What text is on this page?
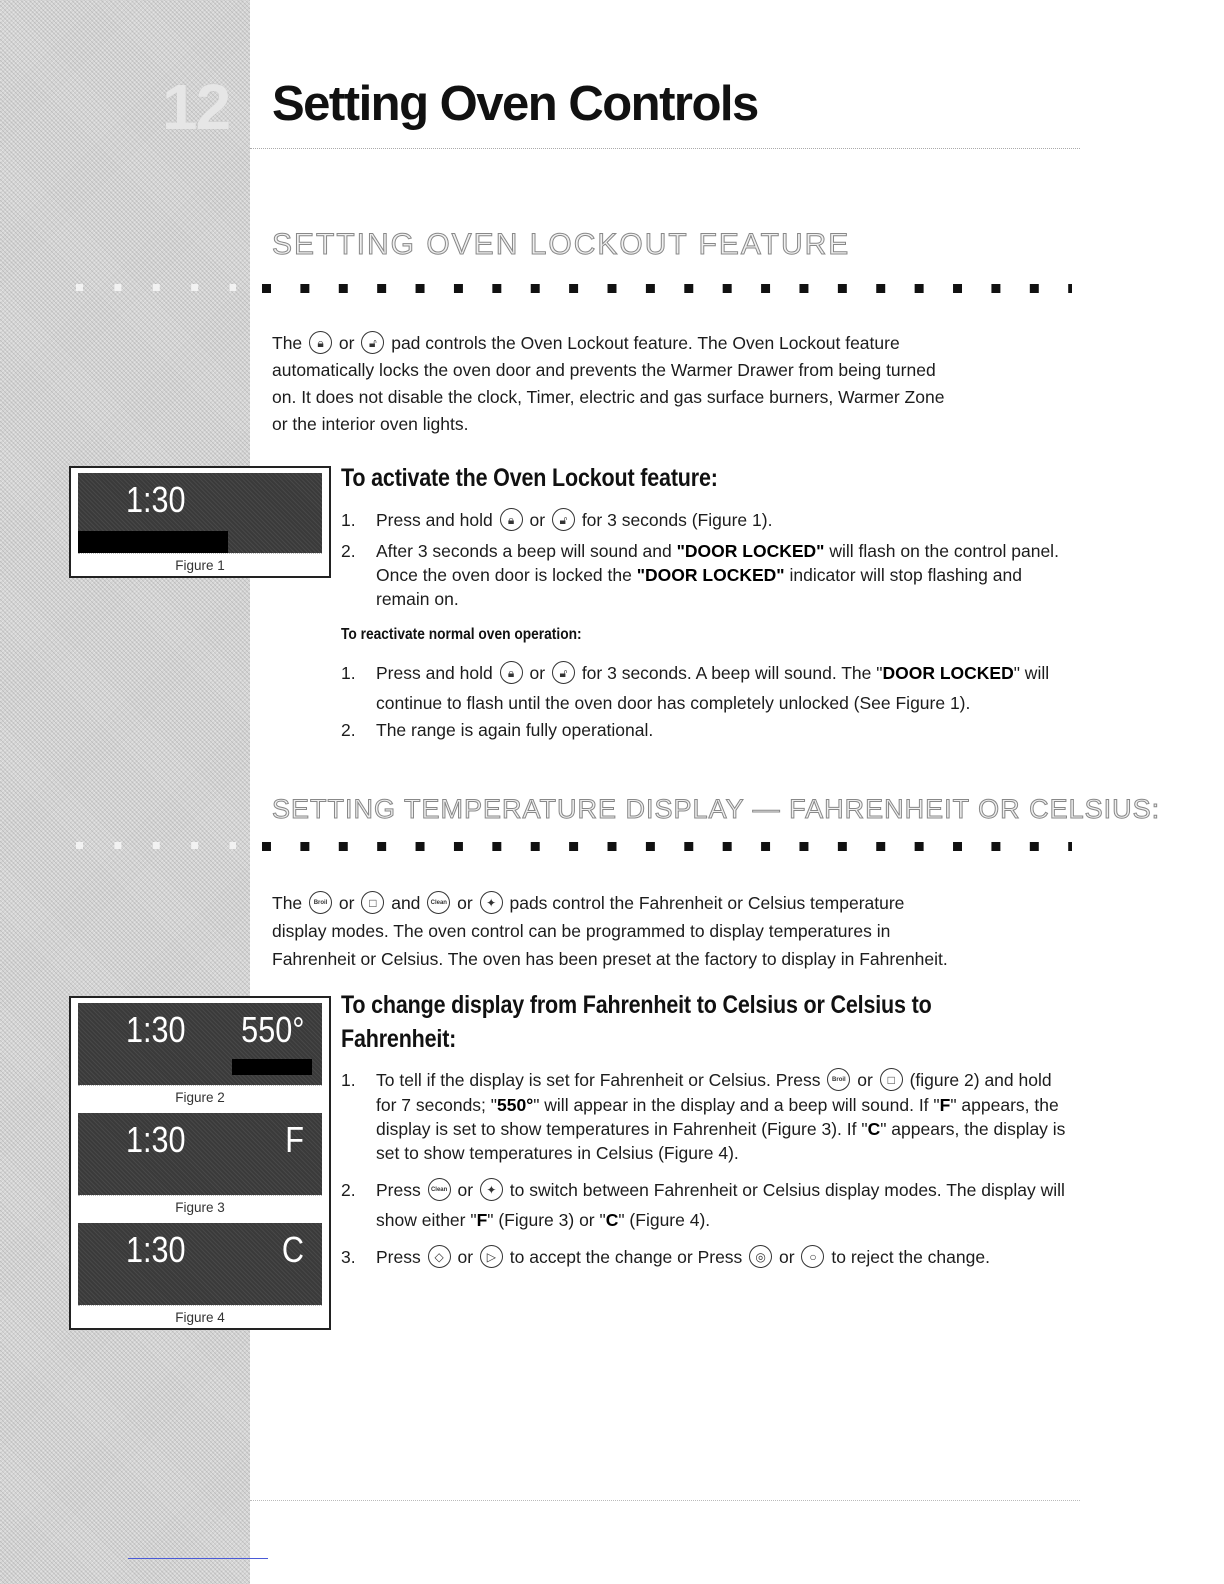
12 Setting Oven Controls
SETTING OVEN LOCKOUT FEATURE
The 🔒︎ or 🔓︎ pad controls the Oven Lockout feature. The Oven Lockout feature
automatically locks the oven door and prevents the Warmer Drawer from being turned
on. It does not disable the clock, Timer, electric and gas surface burners, Warmer Zone
or the interior oven lights.
1:30
Figure 1
To activate the Oven Lockout feature:
1. Press and hold 🔒︎ or 🔓︎ for 3 seconds (Figure 1).
2. After 3 seconds a beep will sound and "DOOR LOCKED" will flash on the control panel. Once the oven door is locked the "DOOR LOCKED" indicator will stop flashing and remain on.
To reactivate normal oven operation:
1. Press and hold 🔒︎ or 🔓︎ for 3 seconds. A beep will sound. The "DOOR LOCKED" will continue to flash until the oven door has completely unlocked (See Figure 1).
2. The range is again fully operational.
SETTING TEMPERATURE DISPLAY — FAHRENHEIT OR CELSIUS:
The Broil or □ and Clean or ✦ pads control the Fahrenheit or Celsius temperature
display modes. The oven control can be programmed to display temperatures in
Fahrenheit or Celsius. The oven has been preset at the factory to display in Fahrenheit.
1:30 550°
Figure 2
1:30	F
Figure 3
1:30	C
Figure 4
To change display from Fahrenheit to Celsius or Celsius to Fahrenheit:
1. To tell if the display is set for Fahrenheit or Celsius. Press Broil or □ (figure 2) and hold for 7 seconds; "550°" will appear in the display and a beep will sound. If "F" appears, the display is set to show temperatures in Fahrenheit (Figure 3). If "C" appears, the display is set to show temperatures in Celsius (Figure 4).
2. Press Clean or ✦ to switch between Fahrenheit or Celsius display modes. The display will show either "F" (Figure 3) or "C" (Figure 4).
3. Press ◇ or ▷ to accept the change or Press ◎ or ○ to reject the change.
